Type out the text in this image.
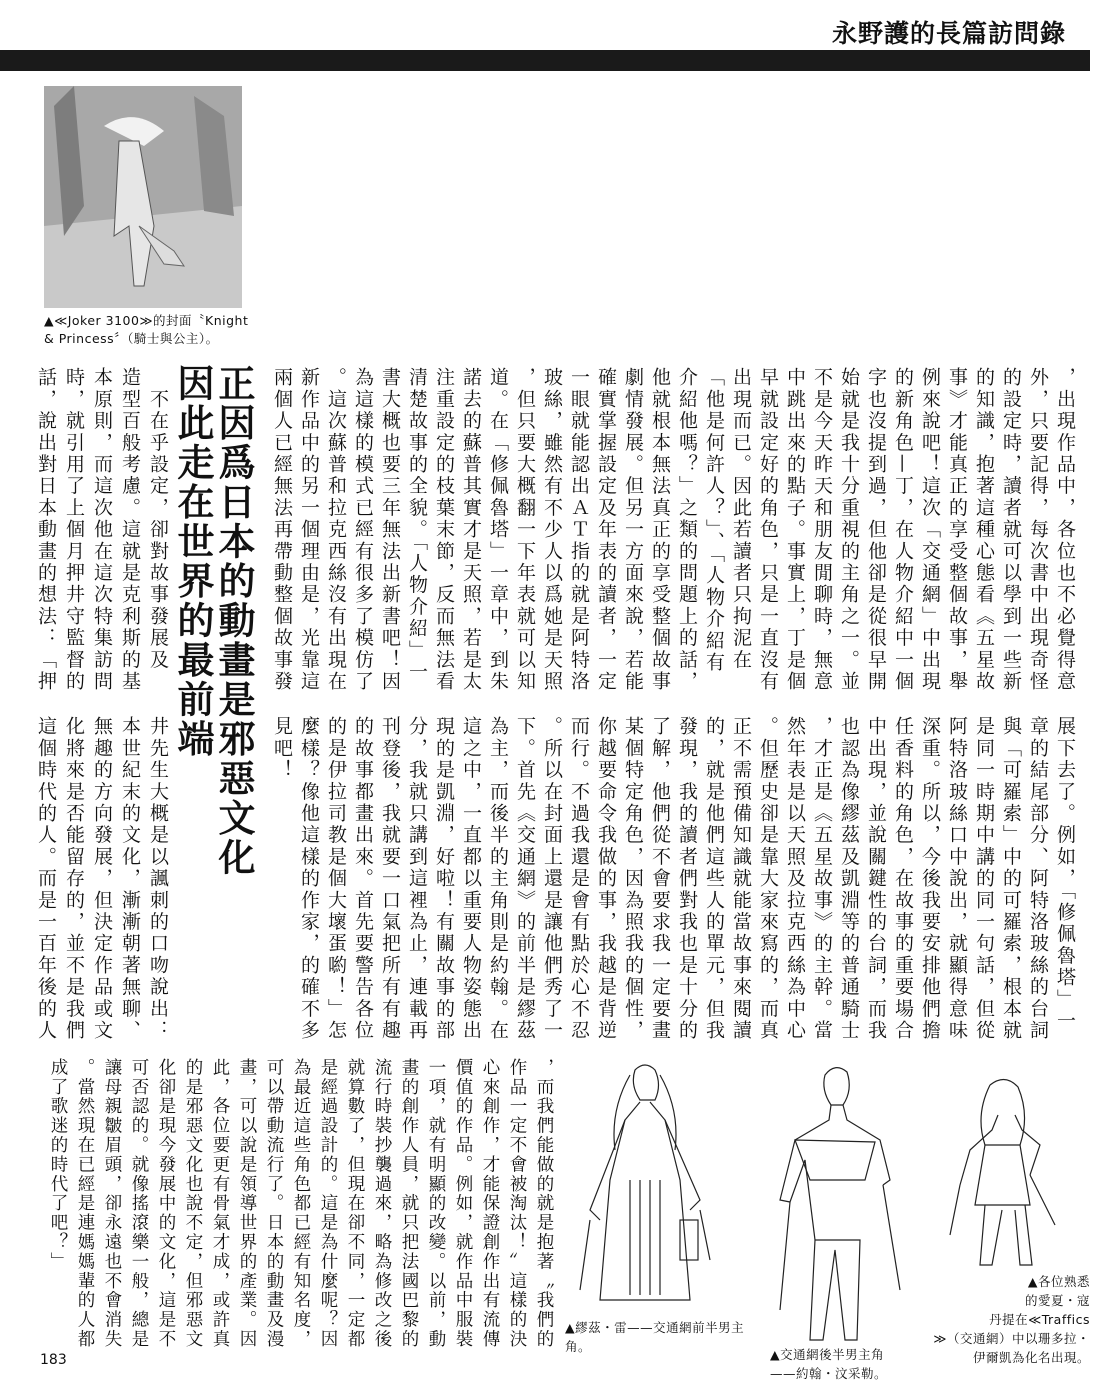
永野護的長篇訪問錄
▲≪Joker 3100≫的封面〝Knight
& Princess〞（騎士與公主）。
正因爲日本的動畫是邪惡文化
因此走在世界的最前端	，出現作品中，各位也不必覺得意
外，只要記得，每次書中出現奇怪
的設定時，讀者就可以學到一些新
的知識，抱著這種心態看《五星故
事》才能真正的享受整個故事，舉
例來說吧！這次「交通網」中出現
的新角色—丁，在人物介紹中一個
字也沒提到過，但他卻是從很早開
始就是我十分重視的主角之一。並
不是今天昨天和朋友閒聊時，無意
中跳出來的點子。事實上，丁是個
早就設定好的角色，只是一直沒有
出現而已。因此若讀者只拘泥在
「他是何許人？」、「人物介紹有
介紹他嗎？」之類的問題上的話，
他就根本無法真正的享受整個故事
劇情發展。但另一方面來說，若能
確實掌握設定及年表的讀者，一定
一眼就能認出ＡＴ指的就是阿特洛
玻絲，雖然有不少人以爲她是天照
，但只要大概翻一下年表就可以知
道。在「修佩魯塔」一章中，到朱
諾去的蘇普其實才是天照，若是太
注重設定的枝葉末節，反而無法看
清楚故事的全貌。「人物介紹」一
書大概也要三年無法出新書吧！因
為這樣的模式已經有很多了模仿了
。這次蘇普和拉克西絲沒有出現在
新作品中的另一個理由是，光靠這
兩個人已經無法再帶動整個故事發
　不在乎設定，卻對故事發展及
造型百般考慮。這就是克利斯的基
本原則，而這次他在這次特集訪問
時，就引用了上個月押井守監督的
話，說出對日本動畫的想法：「押
展下去了。例如，「修佩魯塔」一
章的結尾部分、阿特洛玻絲的台詞
與「可羅索」中的可羅索，根本就
是同一時期中講的同一句話，但從
阿特洛玻絲口中說出，就顯得意味
深重。所以，今後我要安排他們擔
任香料的角色，在故事的重要場合
中出現，並說關鍵性的台詞，而我
也認為像繆茲及凱淵等的普通騎士
，才正是《五星故事》的主幹。當
然年表是以天照及拉克西絲為中心
。但歷史卻是靠大家來寫的，而真
正不需預備知識就能當故事來閱讀
的，就是他們這些人的單元，但我
發現，我的讀者們對我也是十分的
了解，他們從不會要求我一定要畫
某個特定角色，因為照我的個性，
你越要命令我做的事，我越是背逆
而行。不過我還是會有點於心不忍
。所以在封面上還是讓他們秀了一
下。首先《交通網》的前半是繆茲
為主，而後半的主角則是約翰。在
這之中，一直都以重要人物姿態出
現的是凱淵，好啦！有關故事的部
分，我就只講到這裡為止，連載再
刊登後，我就要一口氣把所有有趣
的故事都畫出來。首先要警告各位
的是伊拉司教是個大壞蛋喲！」怎
麼樣？像他這樣的作家，的確不多
見吧！
井先生大概是以諷刺的口吻說出：
本世紀末的文化，漸漸朝著無聊、
無趣的方向發展，但決定作品或文
化將來是否能留存的，並不是我們
這個時代的人。而是一百年後的人
，而我們能做的就是抱著〝我們的
作品一定不會被淘汰！〞這樣的決
心來創作，才能保證創作出有流傳
價值的作品。例如，就作品中服裝
一項，就有明顯的改變。以前，動
畫的創作人員，就只把法國巴黎的
流行時裝抄襲過來，略為修改之後
就算數了，但現在卻不同，一定都
是經過設計的。這是為什麼呢？因
為最近這些角色都已經有知名度，
可以帶動流行了。日本的動畫及漫
畫，可以說是領導世界的產業。因
此，各位要更有骨氣才成，或許真
的是邪惡文化也說不定，但邪惡文
化卻是現今發展中的文化，這是不
可否認的。就像搖滾樂一般，總是
讓母親皺眉頭，卻永遠也不會消失
。當然現在已經是連媽媽輩的人都
成了歌迷的時代了吧？」
▲繆茲・雷——交通網前半男主
角。
▲交通網後半男主角
——約翰・汶采勒。
▲各位熟悉
的愛夏・寇
丹提在≪Traffics
≫（交通網）中以珊多拉・
伊爾凱為化名出現。
183
